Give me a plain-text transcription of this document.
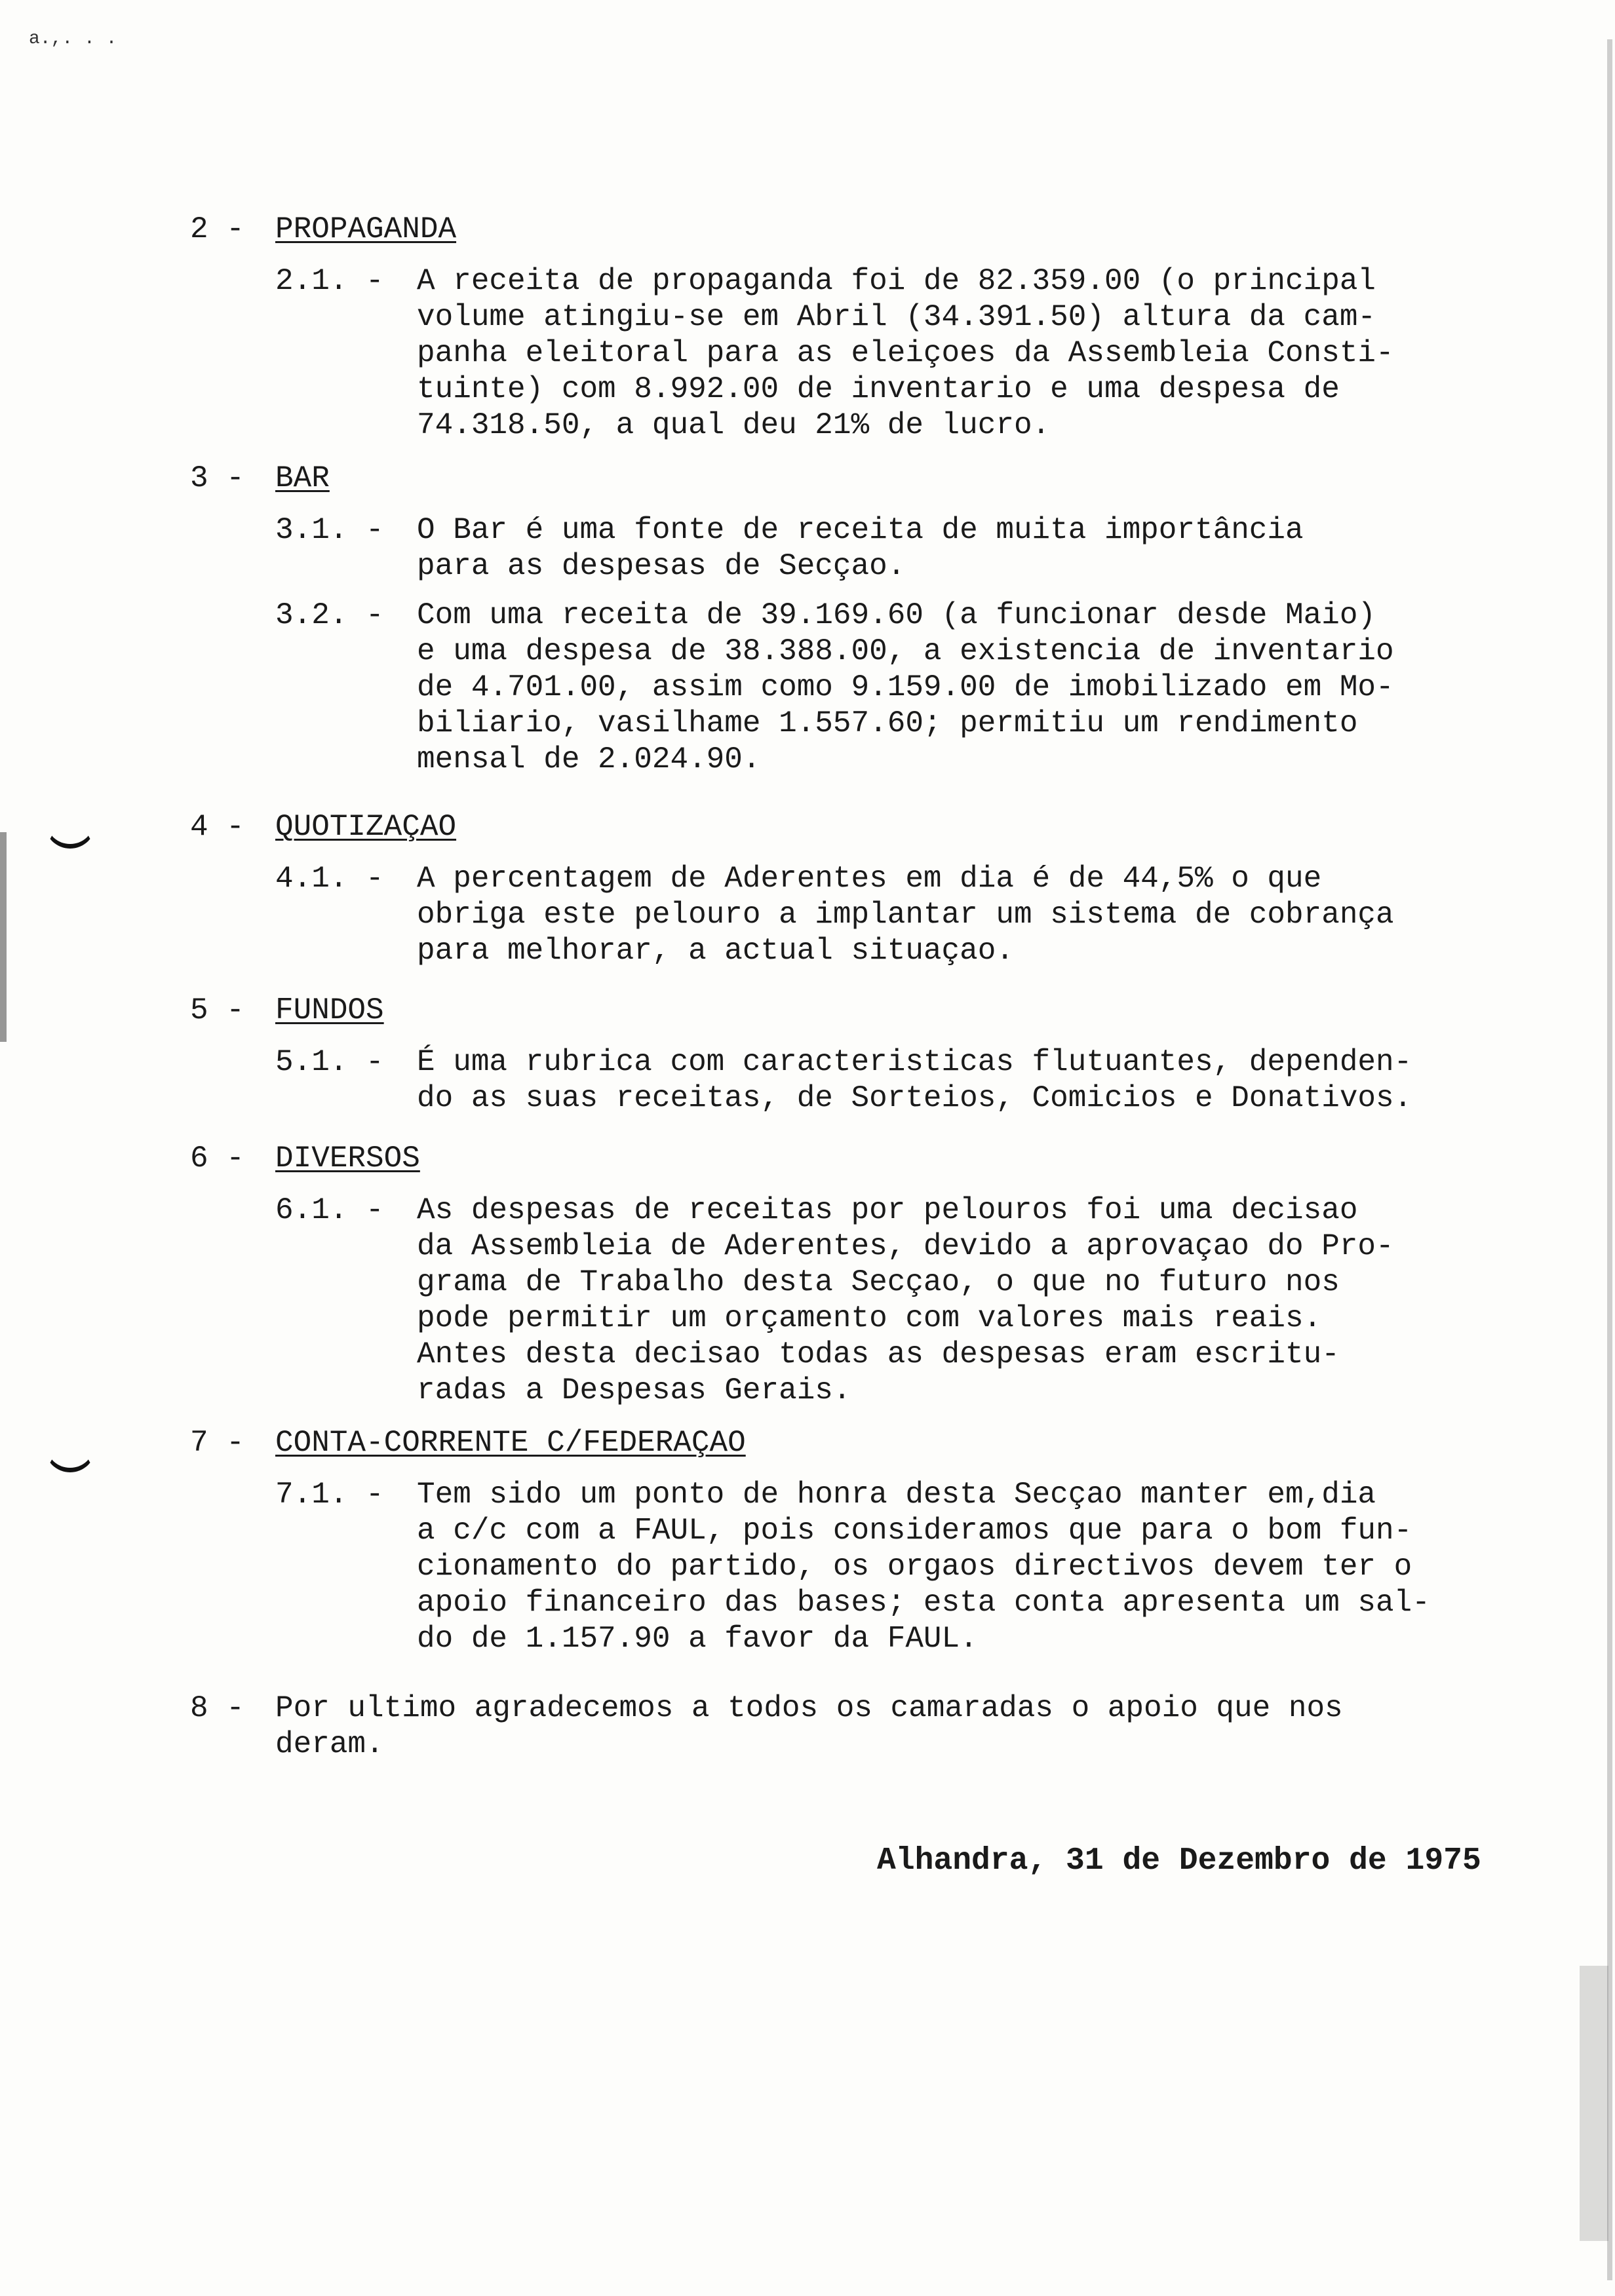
a.,. . .
2 -	PROPAGANDA
2.1. -	A receita de propaganda foi de 82.359.00 (o principal
volume atingiu-se em Abril (34.391.50) altura da cam-
panha eleitoral para as eleiçoes da Assembleia Consti-
tuinte) com 8.992.00 de inventario e uma despesa de
74.318.50, a qual deu 21% de lucro.
3 -	BAR
3.1. -	O Bar é uma fonte de receita de muita importância
para as despesas de Secçao.
3.2. -	Com uma receita de 39.169.60 (a funcionar desde Maio)
e uma despesa de 38.388.00, a existencia de inventario
de 4.701.00, assim como 9.159.00 de imobilizado em Mo-
biliario, vasilhame 1.557.60; permitiu um rendimento
mensal de 2.024.90.
4 -	QUOTIZAÇAO
4.1. -	A percentagem de Aderentes em dia é de 44,5% o que
obriga este pelouro a implantar um sistema de cobrança
para melhorar, a actual situaçao.
5 -	FUNDOS
5.1. -	É uma rubrica com caracteristicas flutuantes, dependen-
do as suas receitas, de Sorteios, Comicios e Donativos.
6 -	DIVERSOS
6.1. -	As despesas de receitas por pelouros foi uma decisao
da Assembleia de Aderentes, devido a aprovaçao do Pro-
grama de Trabalho desta Secçao, o que no futuro nos
pode permitir um orçamento com valores mais reais.
Antes desta decisao todas as despesas eram escritu-
radas a Despesas Gerais.
7 -	CONTA-CORRENTE C/FEDERAÇAO
7.1. -	Tem sido um ponto de honra desta Secçao manter em,dia
a c/c com a FAUL, pois consideramos que para o bom fun-
cionamento do partido, os orgaos directivos devem ter o
apoio financeiro das bases; esta conta apresenta um sal-
do de 1.157.90 a favor da FAUL.
8 -	Por ultimo agradecemos a todos os camaradas o apoio que nos
deram.
Alhandra, 31 de Dezembro de 1975
